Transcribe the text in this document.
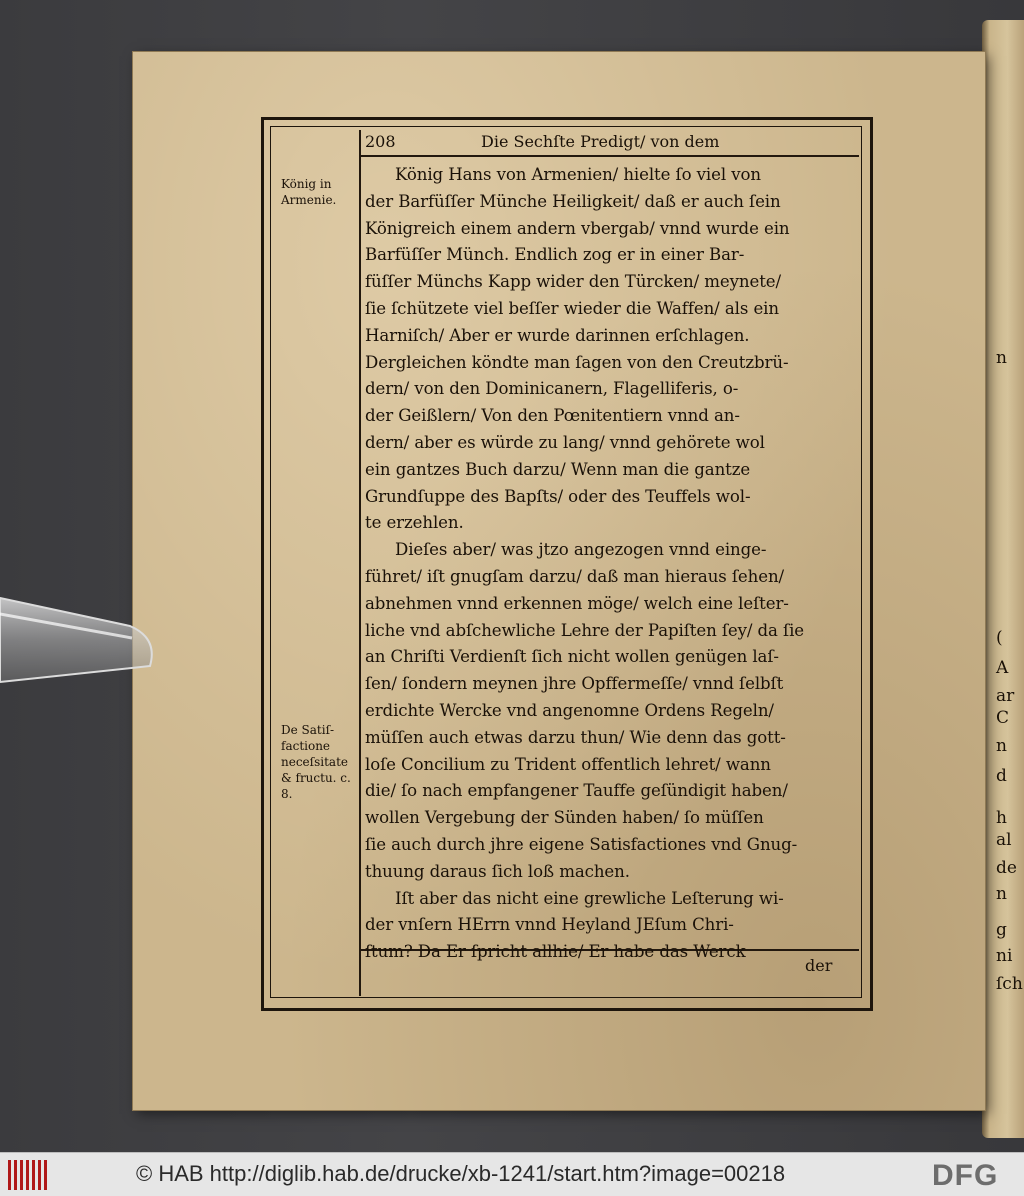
n
(
A
ar
C
n
d
h
al
de
n
g
ni
ſch
208	Die Sechſte Predigt/ von dem
König in Armenie.
De Satiſ- factione neceſsitate & fructu. c. 8.
König Hans von Armenien/ hielte ſo viel von
der Barfüſſer Münche Heiligkeit/ daß er auch ſein
Königreich einem andern vbergab/ vnnd wurde ein
Barfüſſer Münch. Endlich zog er in einer Bar-
füſſer Münchs Kapp wider den Türcken/ meynete/
ſie ſchützete viel beſſer wieder die Waffen/ als ein
Harniſch/ Aber er wurde darinnen erſchlagen.
Dergleichen köndte man ſagen von den Creutzbrü-
dern/ von den Dominicanern, Flagelliferis, o-
der Geißlern/ Von den Pœnitentiern vnnd an-
dern/ aber es würde zu lang/ vnnd gehörete wol
ein gantzes Buch darzu/ Wenn man die gantze
Grundſuppe des Bapſts/ oder des Teuffels wol-
te erzehlen.
Dieſes aber/ was jtzo angezogen vnnd einge-
führet/ iſt gnugſam darzu/ daß man hieraus ſehen/
abnehmen vnnd erkennen möge/ welch eine leſter-
liche vnd abſchewliche Lehre der Papiſten ſey/ da ſie
an Chriſti Verdienſt ſich nicht wollen genügen laſ-
ſen/ ſondern meynen jhre Opffermeſſe/ vnnd ſelbſt
erdichte Wercke vnd angenomne Ordens Regeln/
müſſen auch etwas darzu thun/ Wie denn das gott-
loſe Concilium zu Trident offentlich lehret/ wann
die/ ſo nach empfangener Tauffe geſündigit haben/
wollen Vergebung der Sünden haben/ ſo müſſen
ſie auch durch jhre eigene Satisfactiones vnd Gnug-
thuung daraus ſich loß machen.
Iſt aber das nicht eine grewliche Leſterung wi-
der vnſern HErrn vnnd Heyland JEſum Chri-
ſtum? Da Er ſpricht allhie/ Er habe das Werck
der
© HAB http://diglib.hab.de/drucke/xb-1241/start.htm?image=00218	DFG
